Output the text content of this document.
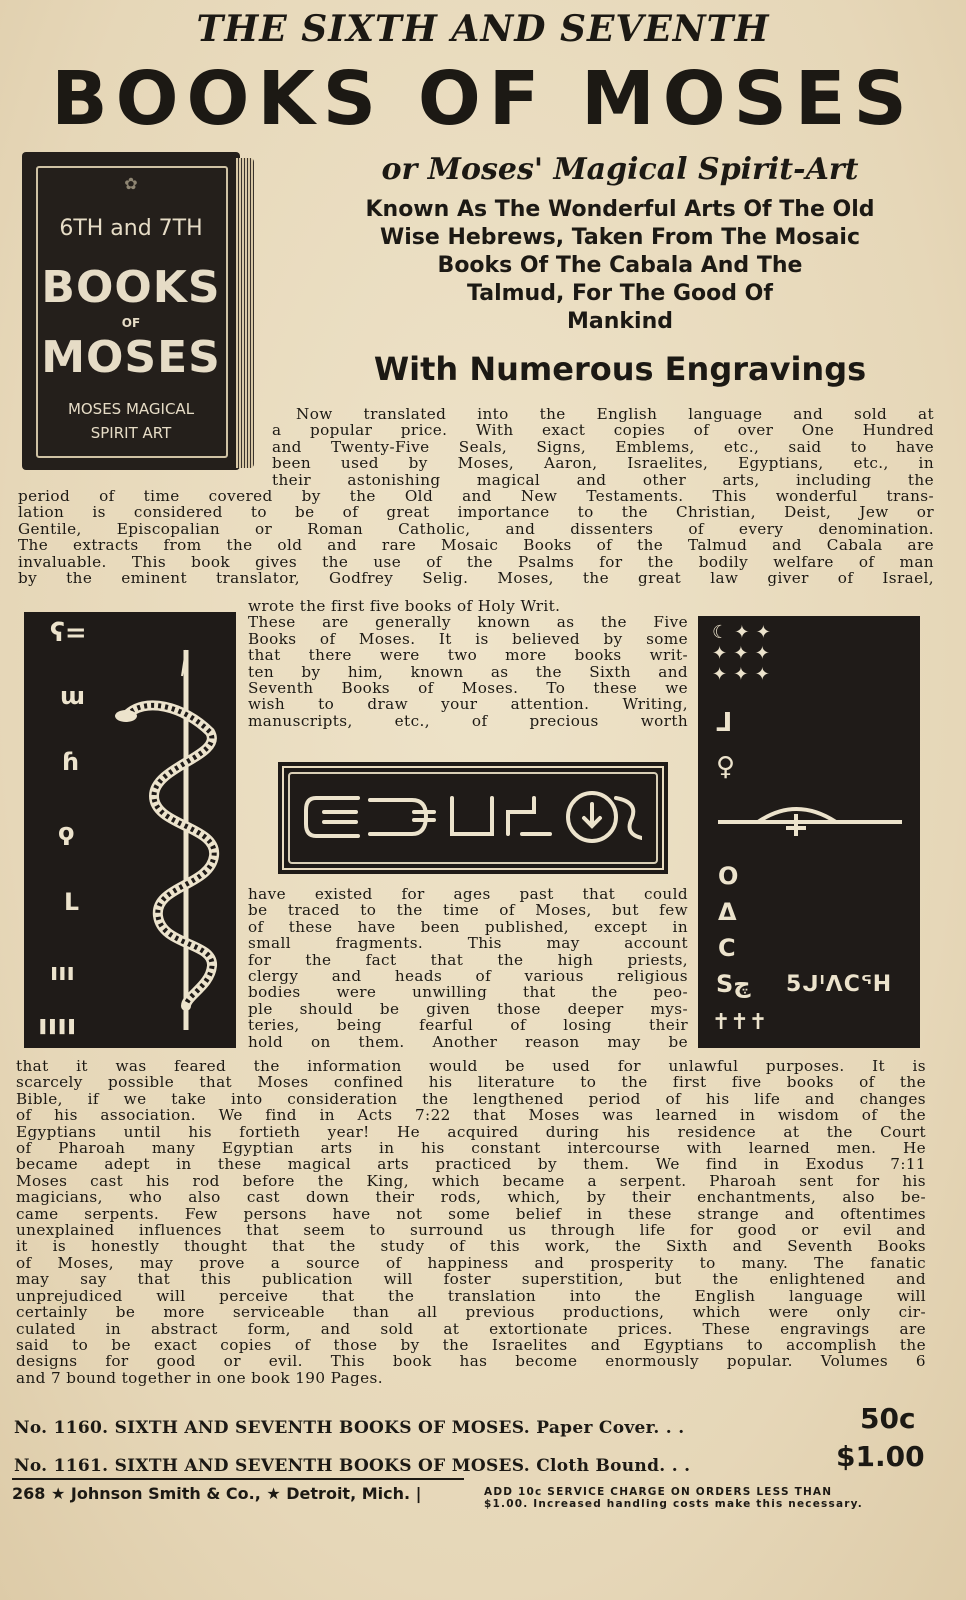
THE SIXTH AND SEVENTH
BOOKS OF MOSES
✿
6TH and 7TH
BOOKS
OF
MOSES
MOSES MAGICAL
SPIRIT ART
or Moses' Magical Spirit-Art
Known As The Wonderful Arts Of The Old
Wise Hebrews, Taken From The Mosaic
Books Of The Cabala And The
Talmud, For The Good Of
Mankind
With Numerous Engravings
Now translated into the English language and sold at
a popular price. With exact copies of over One Hundred
and Twenty-Five Seals, Signs, Emblems, etc., said to have
been used by Moses, Aaron, Israelites, Egyptians, etc., in
their astonishing magical and other arts, including the
period of time covered by the Old and New Testaments. This wonderful trans-
lation is considered to be of great importance to the Christian, Deist, Jew or
Gentile, Episcopalian or Roman Catholic, and dissenters of every denomination.
The extracts from the old and rare Mosaic Books of the Talmud and Cabala are
invaluable. This book gives the use of the Psalms for the bodily welfare of man
by the eminent translator, Godfrey Selig. Moses, the great law giver of Israel,
ʕ=
ɯ
ɦ
ϙ
ᒪ
ııı
ıııı
wrote the first five books of Holy Writ.
These are generally known as the Five
Books of Moses. It is believed by some
that there were two more books writ-
ten by him, known as the Sixth and
Seventh Books of Moses. To these we
wish to draw your attention. Writing,
manuscripts, etc., of precious worth
☾ ✦ ✦
✦ ✦ ✦
✦ ✦ ✦
ᒧ
♀
Ο
Δ
C
Sچ 5ᒍᑊᐱCᕐH
✝✝✝
have existed for ages past that could
be traced to the time of Moses, but few
of these have been published, except in
small fragments. This may account
for the fact that the high priests,
clergy and heads of various religious
bodies were unwilling that the peo-
ple should be given those deeper mys-
teries, being fearful of losing their
hold on them. Another reason may be
that it was feared the information would be used for unlawful purposes. It is
scarcely possible that Moses confined his literature to the first five books of the
Bible, if we take into consideration the lengthened period of his life and changes
of his association. We find in Acts 7:22 that Moses was learned in wisdom of the
Egyptians until his fortieth year! He acquired during his residence at the Court
of Pharoah many Egyptian arts in his constant intercourse with learned men. He
became adept in these magical arts practiced by them. We find in Exodus 7:11
Moses cast his rod before the King, which became a serpent. Pharoah sent for his
magicians, who also cast down their rods, which, by their enchantments, also be-
came serpents. Few persons have not some belief in these strange and oftentimes
unexplained influences that seem to surround us through life for good or evil and
it is honestly thought that the study of this work, the Sixth and Seventh Books
of Moses, may prove a source of happiness and prosperity to many. The fanatic
may say that this publication will foster superstition, but the enlightened and
unprejudiced will perceive that the translation into the English language will
certainly be more serviceable than all previous productions, which were only cir-
culated in abstract form, and sold at extortionate prices. These engravings are
said to be exact copies of those by the Israelites and Egyptians to accomplish the
designs for good or evil. This book has become enormously popular. Volumes 6
and 7 bound together in one book 190 Pages.
No. 1160. SIXTH AND SEVENTH BOOKS OF MOSES. Paper Cover. . .	50c
No. 1161. SIXTH AND SEVENTH BOOKS OF MOSES. Cloth Bound. . .	$1.00
268 ★ Johnson Smith & Co., ★ Detroit, Mich. |	ADD 10c SERVICE CHARGE ON ORDERS LESS THAN
$1.00. Increased handling costs make this necessary.
